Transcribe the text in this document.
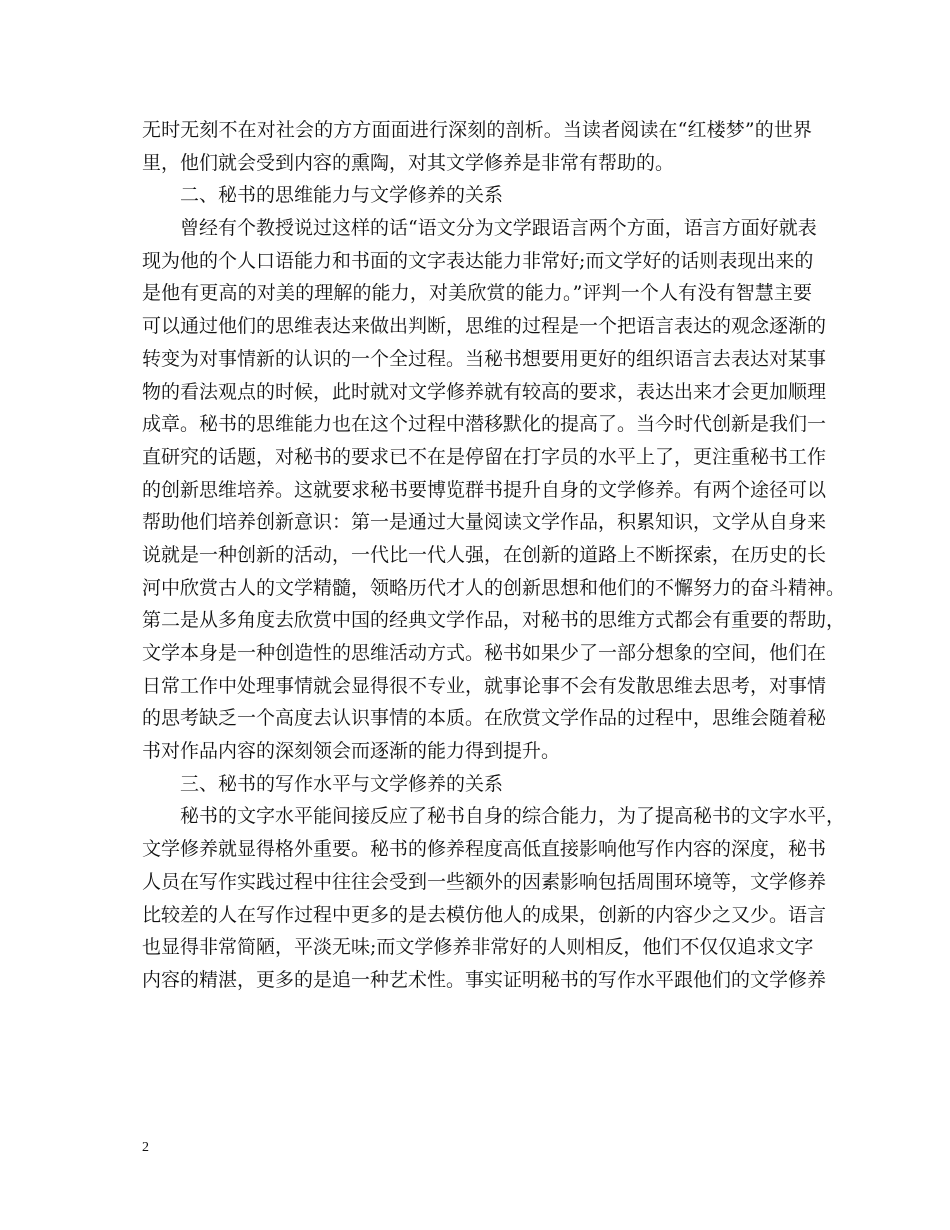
无时无刻不在对社会的方方面面进行深刻的剖析。当读者阅读在“红楼梦”的世界
里，他们就会受到内容的熏陶，对其文学修养是非常有帮助的。
二、秘书的思维能力与文学修养的关系
曾经有个教授说过这样的话“语文分为文学跟语言两个方面，语言方面好就表
现为他的个人口语能力和书面的文字表达能力非常好;而文学好的话则表现出来的
是他有更高的对美的理解的能力，对美欣赏的能力。”评判一个人有没有智慧主要
可以通过他们的思维表达来做出判断，思维的过程是一个把语言表达的观念逐渐的
转变为对事情新的认识的一个全过程。当秘书想要用更好的组织语言去表达对某事
物的看法观点的时候，此时就对文学修养就有较高的要求，表达出来才会更加顺理
成章。秘书的思维能力也在这个过程中潜移默化的提高了。当今时代创新是我们一
直研究的话题，对秘书的要求已不在是停留在打字员的水平上了，更注重秘书工作
的创新思维培养。这就要求秘书要博览群书提升自身的文学修养。有两个途径可以
帮助他们培养创新意识：第一是通过大量阅读文学作品，积累知识，文学从自身来
说就是一种创新的活动，一代比一代人强，在创新的道路上不断探索，在历史的长
河中欣赏古人的文学精髓，领略历代才人的创新思想和他们的不懈努力的奋斗精神。
第二是从多角度去欣赏中国的经典文学作品，对秘书的思维方式都会有重要的帮助，
文学本身是一种创造性的思维活动方式。秘书如果少了一部分想象的空间，他们在
日常工作中处理事情就会显得很不专业，就事论事不会有发散思维去思考，对事情
的思考缺乏一个高度去认识事情的本质。在欣赏文学作品的过程中，思维会随着秘
书对作品内容的深刻领会而逐渐的能力得到提升。
三、秘书的写作水平与文学修养的关系
秘书的文字水平能间接反应了秘书自身的综合能力，为了提高秘书的文字水平，
文学修养就显得格外重要。秘书的修养程度高低直接影响他写作内容的深度，秘书
人员在写作实践过程中往往会受到一些额外的因素影响包括周围环境等，文学修养
比较差的人在写作过程中更多的是去模仿他人的成果，创新的内容少之又少。语言
也显得非常简陋，平淡无味;而文学修养非常好的人则相反，他们不仅仅追求文字
内容的精湛，更多的是追一种艺术性。事实证明秘书的写作水平跟他们的文学修养
2
